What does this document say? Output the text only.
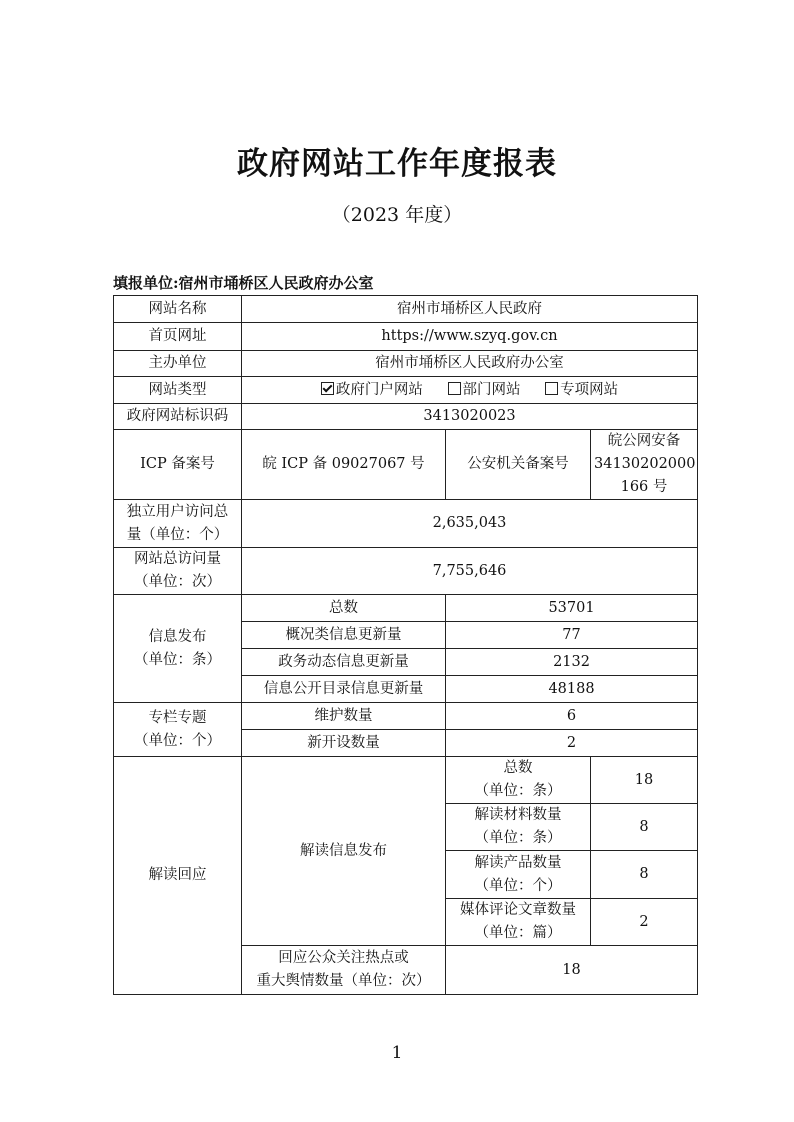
政府网站工作年度报表
（2023 年度）
填报单位:宿州市埇桥区人民政府办公室
网站名称	宿州市埇桥区人民政府		
首页网址	https://www.szyq.gov.cn		
主办单位	宿州市埇桥区人民政府办公室		
网站类型	政府门户网站 部门网站 专项网站		
政府网站标识码	3413020023		
ICP 备案号	皖 ICP 备 09027067 号	公安机关备案号	皖公网安备
34130202000
166 号

独立用户访问总
量（单位：个）	2,635,043		

网站总访问量
（单位：次）	7,755,646		

信息发布
（单位：条）	总数	53701	
	概况类信息更新量	77	
	政务动态信息更新量	2132	
	信息公开目录信息更新量	48188	

专栏专题
（单位：个）	维护数量	6	
	新开设数量	2	
解读回应	解读信息发布	总数
（单位：条）	18

		解读材料数量
（单位：条）	8

		解读产品数量
（单位：个）	8

		媒体评论文章数量
（单位：篇）	2

	回应公众关注热点或
重大舆情数量（单位：次）	18	
1
